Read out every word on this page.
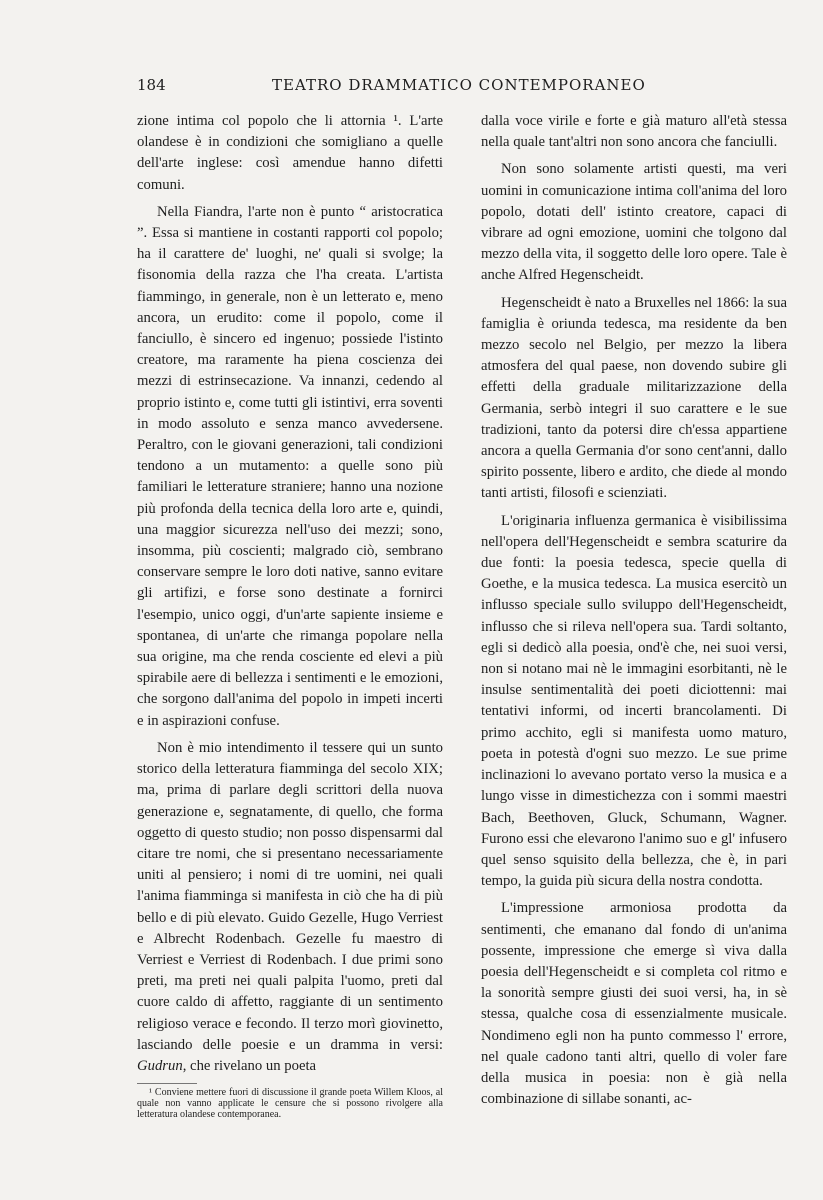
184	TEATRO DRAMMATICO CONTEMPORANEO

zione intima col popolo che li attornia ¹. L'arte olandese è in condizioni che somigliano a quelle dell'arte inglese: così amendue hanno difetti comuni.

Nella Fiandra, l'arte non è punto “ aristocratica ”. Essa si mantiene in costanti rapporti col popolo; ha il carattere de' luoghi, ne' quali si svolge; la fisonomia della razza che l'ha creata. L'artista fiammingo, in generale, non è un letterato e, meno ancora, un erudito: come il popolo, come il fanciullo, è sincero ed ingenuo; possiede l'istinto creatore, ma raramente ha piena coscienza dei mezzi di estrinsecazione. Va innanzi, cedendo al proprio istinto e, come tutti gli istintivi, erra soventi in modo assoluto e senza manco avvedersene. Peraltro, con le giovani generazioni, tali condizioni tendono a un mutamento: a quelle sono più familiari le letterature straniere; hanno una nozione più profonda della tecnica della loro arte e, quindi, una maggior sicurezza nell'uso dei mezzi; sono, insomma, più coscienti; malgrado ciò, sembrano conservare sempre le loro doti native, sanno evitare gli artifizi, e forse sono destinate a fornirci l'esempio, unico oggi, d'un'arte sapiente insieme e spontanea, di un'arte che rimanga popolare nella sua origine, ma che renda cosciente ed elevi a più spirabile aere di bellezza i sentimenti e le emozioni, che sorgono dall'anima del popolo in impeti incerti e in aspirazioni confuse.

Non è mio intendimento il tessere qui un sunto storico della letteratura fiamminga del secolo XIX; ma, prima di parlare degli scrittori della nuova generazione e, segnatamente, di quello, che forma oggetto di questo studio; non posso dispensarmi dal citare tre nomi, che si presentano necessariamente uniti al pensiero; i nomi di tre uomini, nei quali l'anima fiamminga si manifesta in ciò che ha di più bello e di più elevato. Guido Gezelle, Hugo Verriest e Albrecht Rodenbach. Gezelle fu maestro di Verriest e Verriest di Rodenbach. I due primi sono preti, ma preti nei quali palpita l'uomo, preti dal cuore caldo di affetto, raggiante di un sentimento religioso verace e fecondo. Il terzo morì giovinetto, lasciando delle poesie e un dramma in versi: Gudrun, che rivelano un poeta

¹ Conviene mettere fuori di discussione il grande poeta Willem Kloos, al quale non vanno applicate le censure che si possono rivolgere alla letteratura olandese contemporanea.

dalla voce virile e forte e già maturo all'età stessa nella quale tant'altri non sono ancora che fanciulli.

Non sono solamente artisti questi, ma veri uomini in comunicazione intima coll'anima del loro popolo, dotati dell' istinto creatore, capaci di vibrare ad ogni emozione, uomini che tolgono dal mezzo della vita, il soggetto delle loro opere. Tale è anche Alfred Hegenscheidt.

Hegenscheidt è nato a Bruxelles nel 1866: la sua famiglia è oriunda tedesca, ma residente da ben mezzo secolo nel Belgio, per mezzo la libera atmosfera del qual paese, non dovendo subire gli effetti della graduale militarizzazione della Germania, serbò integri il suo carattere e le sue tradizioni, tanto da potersi dire ch'essa appartiene ancora a quella Germania d'or sono cent'anni, dallo spirito possente, libero e ardito, che diede al mondo tanti artisti, filosofi e scienziati.

L'originaria influenza germanica è visibilissima nell'opera dell'Hegenscheidt e sembra scaturire da due fonti: la poesia tedesca, specie quella di Goethe, e la musica tedesca. La musica esercitò un influsso speciale sullo sviluppo dell'Hegenscheidt, influsso che si rileva nell'opera sua. Tardi soltanto, egli si dedicò alla poesia, ond'è che, nei suoi versi, non si notano mai nè le immagini esorbitanti, nè le insulse sentimentalità dei poeti diciottenni: mai tentativi informi, od incerti brancolamenti. Di primo acchito, egli si manifesta uomo maturo, poeta in potestà d'ogni suo mezzo. Le sue prime inclinazioni lo avevano portato verso la musica e a lungo visse in dimestichezza con i sommi maestri Bach, Beethoven, Gluck, Schumann, Wagner. Furono essi che elevarono l'animo suo e gl' infusero quel senso squisito della bellezza, che è, in pari tempo, la guida più sicura della nostra condotta.

L'impressione armoniosa prodotta da sentimenti, che emanano dal fondo di un'anima possente, impressione che emerge sì viva dalla poesia dell'Hegenscheidt e si completa col ritmo e la sonorità sempre giusti dei suoi versi, ha, in sè stessa, qualche cosa di essenzialmente musicale. Nondimeno egli non ha punto commesso l' errore, nel quale cadono tanti altri, quello di voler fare della musica in poesia: non è già nella combinazione di sillabe sonanti, ac-
